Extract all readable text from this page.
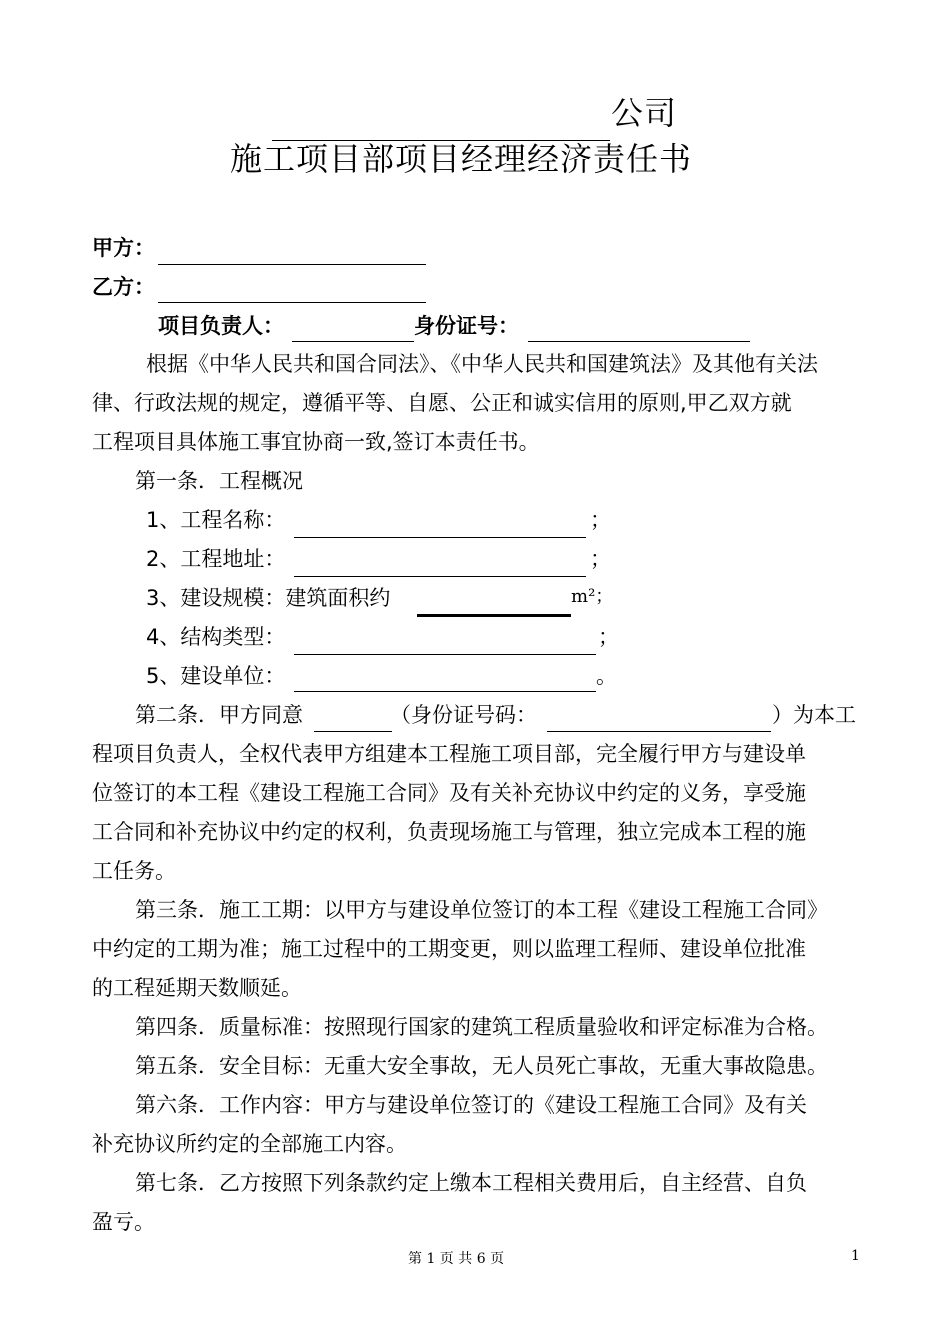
公司
施工项目部项目经理经济责任书
甲方：
乙方：
项目负责人：	身份证号：
根据《中华人民共和国合同法》、《中华人民共和国建筑法》及其他有关法
律、行政法规的规定，遵循平等、自愿、公正和诚实信用的原则,甲乙双方就
工程项目具体施工事宜协商一致,签订本责任书。
第一条．工程概况
1、工程名称：	；
2、工程地址：	；
3、建设规模：建筑面积约	m²；
4、结构类型：	；
5、建设单位：	。
第二条．甲方同意	（身份证号码：	）为本工
程项目负责人，全权代表甲方组建本工程施工项目部，完全履行甲方与建设单
位签订的本工程《建设工程施工合同》及有关补充协议中约定的义务，享受施
工合同和补充协议中约定的权利，负责现场施工与管理，独立完成本工程的施
工任务。
第三条．施工工期：以甲方与建设单位签订的本工程《建设工程施工合同》
中约定的工期为准；施工过程中的工期变更，则以监理工程师、建设单位批准
的工程延期天数顺延。
第四条．质量标准：按照现行国家的建筑工程质量验收和评定标准为合格。
第五条．安全目标：无重大安全事故，无人员死亡事故，无重大事故隐患。
第六条．工作内容：甲方与建设单位签订的《建设工程施工合同》及有关
补充协议所约定的全部施工内容。
第七条．乙方按照下列条款约定上缴本工程相关费用后，自主经营、自负
盈亏。
第 1 页 共 6 页	1
